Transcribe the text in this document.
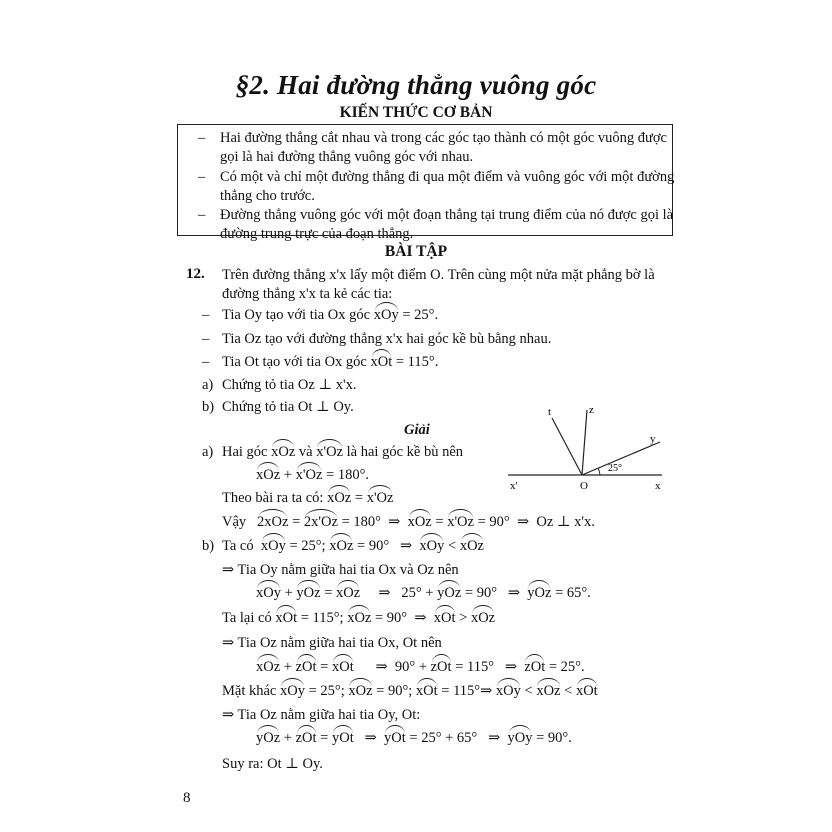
§2. Hai đường thẳng vuông góc
KIẾN THỨC CƠ BẢN
– Hai đường thẳng cắt nhau và trong các góc tạo thành có một góc vuông được
gọi là hai đường thẳng vuông góc với nhau.
– Có một và chỉ một đường thẳng đi qua một điểm và vuông góc với một đường
thẳng cho trước.
– Đường thẳng vuông góc với một đoạn thẳng tại trung điểm của nó được gọi là
đường trung trực của đoạn thẳng.
BÀI TẬP
12. Trên đường thẳng x'x lấy một điểm O. Trên cùng một nửa mặt phẳng bờ là
đường thẳng x'x ta kẻ các tia:
– Tia Oy tạo với tia Ox góc xOy = 25°.
– Tia Oz tạo với đường thẳng x'x hai góc kề bù bằng nhau.
– Tia Ot tạo với tia Ox góc xOt = 115°.
a) Chứng tỏ tia Oz ⊥ x'x.
b) Chứng tỏ tia Ot ⊥ Oy.
Giải
t	z
y
25°
x'	O	x
a) Hai góc xOz và x'Oz là hai góc kề bù nên
xOz + x'Oz = 180°.
Theo bài ra ta có: xOz = x'Oz
Vậy 2xOz = 2x'Oz = 180° ⇒ xOz = x'Oz = 90° ⇒ Oz ⊥ x'x.
b) Ta có xOy = 25°; xOz = 90° ⇒ xOy < xOz
⇒ Tia Oy nằm giữa hai tia Ox và Oz nên
xOy + yOz = xOz ⇒ 25° + yOz = 90° ⇒ yOz = 65°.
Ta lại có xOt = 115°; xOz = 90° ⇒ xOt > xOz
⇒ Tia Oz nằm giữa hai tia Ox, Ot nên
xOz + zOt = xOt ⇒ 90° + zOt = 115° ⇒ zOt = 25°.
Mặt khác xOy = 25°; xOz = 90°; xOt = 115°⇒ xOy < xOz < xOt
⇒ Tia Oz nằm giữa hai tia Oy, Ot:
yOz + zOt = yOt ⇒ yOt = 25° + 65° ⇒ yOy = 90°.
Suy ra: Ot ⊥ Oy.
8
